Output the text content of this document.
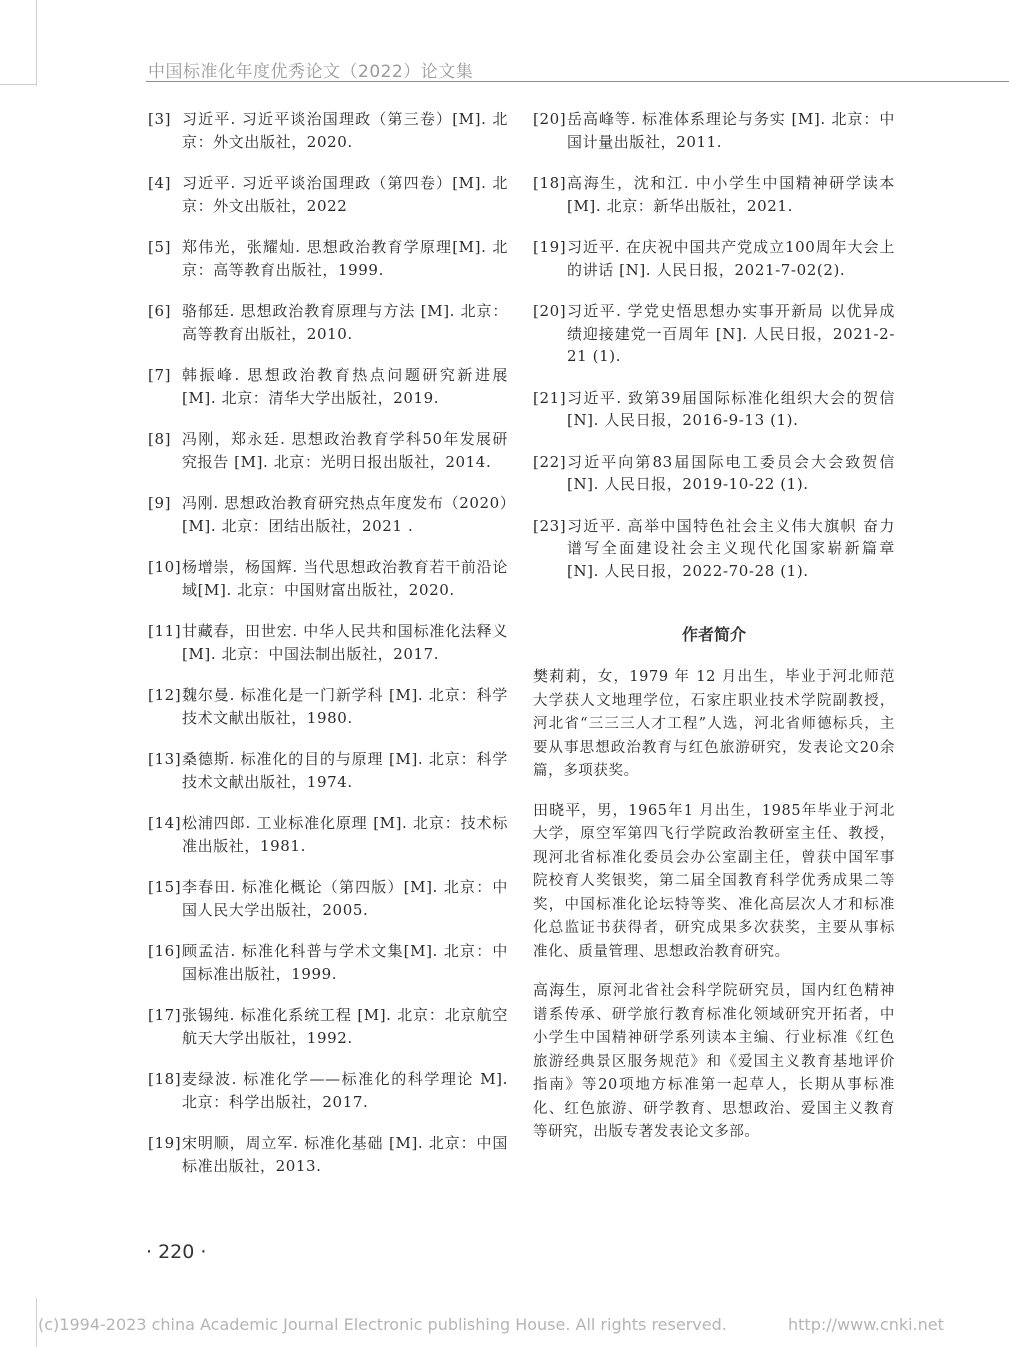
中国标准化年度优秀论文（2022）论文集
[3] 习近平. 习近平谈治国理政（第三卷）[M]. 北京：外文出版社，2020.
[4] 习近平. 习近平谈治国理政（第四卷）[M]. 北京：外文出版社，2022
[5] 郑伟光，张耀灿. 思想政治教育学原理[M]. 北京：高等教育出版社，1999.
[6] 骆郁廷. 思想政治教育原理与方法 [M]. 北京：高等教育出版社，2010.
[7] 韩振峰. 思想政治教育热点问题研究新进展 [M]. 北京：清华大学出版社，2019.
[8] 冯刚，郑永廷. 思想政治教育学科50年发展研究报告 [M]. 北京：光明日报出版社，2014.
[9] 冯刚. 思想政治教育研究热点年度发布（2020）[M]. 北京：团结出版社，2021 .
[10] 杨增崇，杨国辉. 当代思想政治教育若干前沿论域[M]. 北京：中国财富出版社，2020.
[11] 甘藏春，田世宏. 中华人民共和国标准化法释义 [M]. 北京：中国法制出版社，2017.
[12] 魏尔曼. 标准化是一门新学科 [M]. 北京：科学技术文献出版社，1980.
[13] 桑德斯. 标准化的目的与原理 [M]. 北京：科学技术文献出版社，1974.
[14] 松浦四郎. 工业标准化原理 [M]. 北京：技术标准出版社，1981.
[15] 李春田. 标准化概论（第四版）[M]. 北京：中国人民大学出版社，2005.
[16] 顾孟洁. 标准化科普与学术文集[M]. 北京：中国标准出版社，1999.
[17] 张锡纯. 标准化系统工程 [M]. 北京：北京航空航天大学出版社，1992.
[18] 麦绿波. 标准化学——标准化的科学理论 M]. 北京：科学出版社，2017.
[19] 宋明顺，周立军. 标准化基础 [M]. 北京：中国标准出版社，2013.
[20] 岳高峰等. 标准体系理论与务实 [M]. 北京：中国计量出版社，2011.
[18] 高海生，沈和江. 中小学生中国精神研学读本 [M]. 北京：新华出版社，2021.
[19] 习近平. 在庆祝中国共产党成立100周年大会上的讲话 [N]. 人民日报，2021-7-02(2).
[20] 习近平. 学党史悟思想办实事开新局 以优异成绩迎接建党一百周年 [N]. 人民日报，2021-2-21 (1).
[21] 习近平. 致第39届国际标准化组织大会的贺信 [N]. 人民日报，2016-9-13 (1).
[22] 习近平向第83届国际电工委员会大会致贺信 [N]. 人民日报，2019-10-22 (1).
[23] 习近平. 高举中国特色社会主义伟大旗帜 奋力谱写全面建设社会主义现代化国家崭新篇章 [N]. 人民日报，2022-70-28 (1).
作者简介

樊莉莉，女，1979 年 12 月出生，毕业于河北师范大学获人文地理学位，石家庄职业技术学院副教授，河北省“三三三人才工程”人选，河北省师德标兵，主要从事思想政治教育与红色旅游研究，发表论文20余篇，多项获奖。

田晓平，男，1965年1 月出生，1985年毕业于河北大学，原空军第四飞行学院政治教研室主任、教授，现河北省标准化委员会办公室副主任，曾获中国军事院校育人奖银奖，第二届全国教育科学优秀成果二等奖，中国标准化论坛特等奖、准化高层次人才和标准化总监证书获得者，研究成果多次获奖，主要从事标准化、质量管理、思想政治教育研究。

高海生，原河北省社会科学院研究员，国内红色精神谱系传承、研学旅行教育标准化领域研究开拓者，中小学生中国精神研学系列读本主编、行业标准《红色旅游经典景区服务规范》和《爱国主义教育基地评价指南》等20项地方标准第一起草人，长期从事标准化、红色旅游、研学教育、思想政治、爱国主义教育等研究，出版专著发表论文多部。

· 220 ·
(c)1994-2023 china Academic Journal Electronic publishing House. All rights reserved.	http://www.cnki.net
